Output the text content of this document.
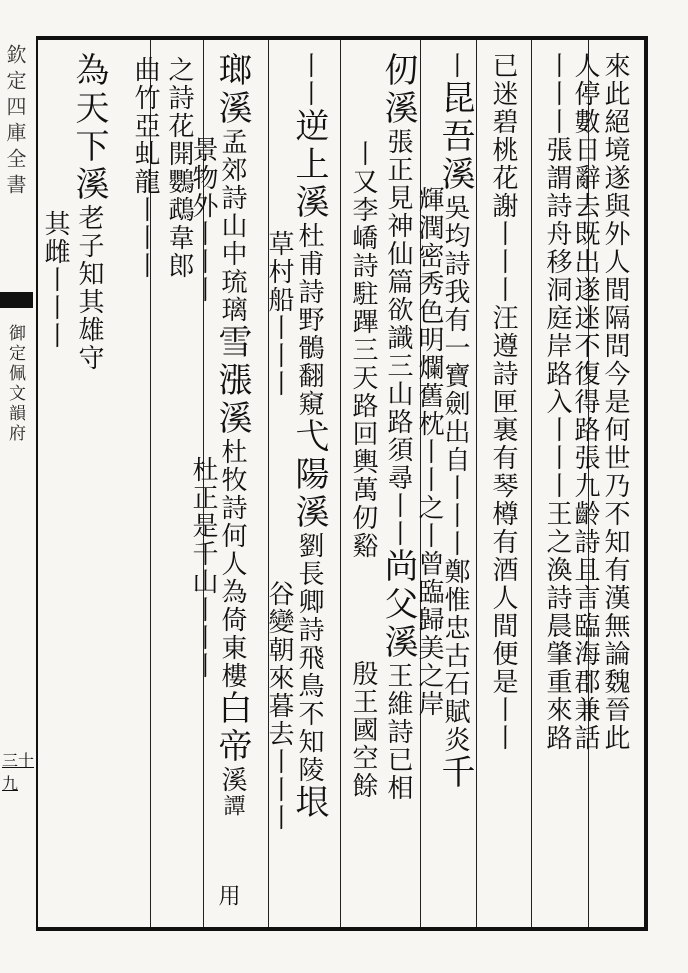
欽定四庫全書
御定佩文韻府
三十九
來此絕境遂與外人間隔問今是何世乃不知有漢無論魏晉此
人停數日辭去既出遂迷不復得路張九齡詩且言臨海郡兼話
丨丨丨張謂詩舟移洞庭岸路入丨丨丨王之渙詩晨肇重來路
已迷碧桃花謝丨丨丨汪遵詩匣裏有琴樽有酒人間便是丨丨
丨昆吾溪吳均詩我有一寶劍出自丨丨丨鄭惟忠古石賦炎千
輝潤密秀色明爛舊枕丨丨之丨曾臨歸美之岸
仞溪張正見神仙篇欲識三山路須尋丨丨尚父溪王維詩已相
丨又李嶠詩駐蹕三天路回輿萬仞谿
殷王國空餘
丨丨逆上溪杜甫詩野鶻翻窺弋陽溪劉長卿詩飛鳥不知陵垠
草村船丨丨丨
谷變朝來暮去丨丨丨
瑯溪孟郊詩山中琉璃雪漲溪杜牧詩何人為倚東樓白帝溪譚
景物外丨丨丨
杜正是千山丨丨丨
用
之詩花開鸚鵡韋郎
曲竹亞虬龍丨丨丨
為天下溪老子知其雄守
其雌丨丨丨
